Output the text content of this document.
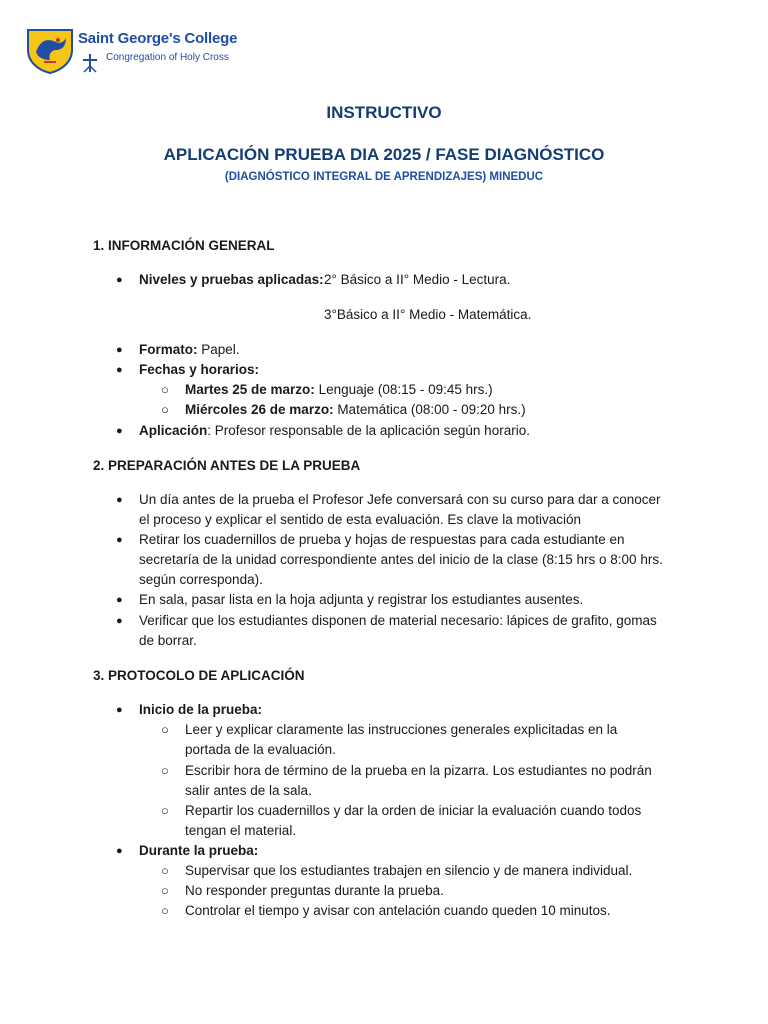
Saint George's College
Congregation of Holy Cross
INSTRUCTIVO
APLICACIÓN PRUEBA DIA 2025 / FASE DIAGNÓSTICO
(DIAGNÓSTICO INTEGRAL DE APRENDIZAJES) MINEDUC
1. INFORMACIÓN GENERAL
● Niveles y pruebas aplicadas: 2° Básico a II° Medio - Lectura.
3°Básico a II° Medio - Matemática.
● Formato: Papel.
● Fechas y horarios:
○ Martes 25 de marzo: Lenguaje (08:15 - 09:45 hrs.)
○ Miércoles 26 de marzo: Matemática (08:00 - 09:20 hrs.)
● Aplicación: Profesor responsable de la aplicación según horario.
2. PREPARACIÓN ANTES DE LA PRUEBA
● Un día antes de la prueba el Profesor Jefe conversará con su curso para dar a conocer
el proceso y explicar el sentido de esta evaluación. Es clave la motivación
● Retirar los cuadernillos de prueba y hojas de respuestas para cada estudiante en
secretaría de la unidad correspondiente antes del inicio de la clase (8:15 hrs o 8:00 hrs.
según corresponda).
● En sala, pasar lista en la hoja adjunta y registrar los estudiantes ausentes.
● Verificar que los estudiantes disponen de material necesario: lápices de grafito, gomas
de borrar.
3. PROTOCOLO DE APLICACIÓN
● Inicio de la prueba:
○ Leer y explicar claramente las instrucciones generales explicitadas en la
portada de la evaluación.
○ Escribir hora de término de la prueba en la pizarra. Los estudiantes no podrán
salir antes de la sala.
○ Repartir los cuadernillos y dar la orden de iniciar la evaluación cuando todos
tengan el material.
● Durante la prueba:
○ Supervisar que los estudiantes trabajen en silencio y de manera individual.
○ No responder preguntas durante la prueba.
○ Controlar el tiempo y avisar con antelación cuando queden 10 minutos.
